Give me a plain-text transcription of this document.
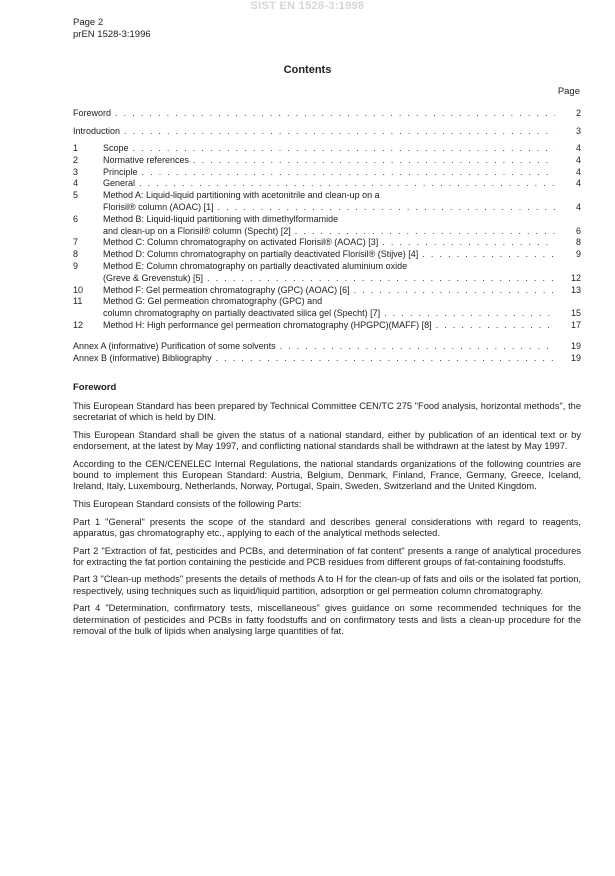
SIST EN 1528-3:1998
Page 2
prEN 1528-3:1996
Contents
Page
Foreword . . .	2
Introduction . . .	3
1	Scope . . .	4
2	Normative references . . .	4
3	Principle . . .	4
4	General . . .	4
5	Method A: Liquid-liquid partitioning with acetonitrile and clean-up on a
Florisil® column (AOAC) [1] . . .	4
6	Method B: Liquid-liquid partitioning with dimethylformamide
and clean-up on a Florisil® column (Specht) [2] . . .	6
7	Method C: Column chromatography on activated Florisil® (AOAC) [3] . . .	8
8	Method D: Column chromatography on partially deactivated Florisil® (Stijve) [4] . . .	9
9	Method E: Column chromatography on partially deactivated aluminium oxide
(Greve & Grevenstuk) [5] . . .	12
10 Method F: Gel permeation chromatography (GPC) (AOAC) [6] . . .	13
11 Method G: Gel permeation chromatography (GPC) and
column chromatography on partially deactivated silica gel (Specht) [7] . . .	15
12 Method H: High performance gel permeation chromatography (HPGPC)(MAFF) [8] . . .	17
Annex A (informative) Purification of some solvents . . .	19
Annex B (informative) Bibliography . . .	19
Foreword

This European Standard has been prepared by Technical Committee CEN/TC 275 "Food analysis, horizontal methods", the secretariat of which is held by DIN.

This European Standard shall be given the status of a national standard, either by publication of an identical text or by endorsement, at the latest by May 1997, and conflicting national standards shall be withdrawn at the latest by May 1997.

According to the CEN/CENELEC Internal Regulations, the national standards organizations of the following countries are bound to implement this European Standard: Austria, Belgium, Denmark, Finland, France, Germany, Greece, Iceland, Ireland, Italy, Luxembourg, Netherlands, Norway, Portugal, Spain, Sweden, Switzerland and the United Kingdom.

This European Standard consists of the following Parts:

Part 1 "General" presents the scope of the standard and describes general considerations with regard to reagents, apparatus, gas chromatography etc., applying to each of the analytical methods selected.

Part 2 "Extraction of fat, pesticides and PCBs, and determination of fat content" presents a range of analytical procedures for extracting the fat portion containing the pesticide and PCB residues from different groups of fat-containing foodstuffs.

Part 3 "Clean-up methods" presents the details of methods A to H for the clean-up of fats and oils or the isolated fat portion, respectively, using techniques such as liquid/liquid partition, adsorption or gel permeation column chromatography.

Part 4 "Determination, confirmatory tests, miscellaneous" gives guidance on some recommended techniques for the determination of pesticides and PCBs in fatty foodstuffs and on confirmatory tests and lists a clean-up procedure for the removal of the bulk of lipids when analysing large quantities of fat.
